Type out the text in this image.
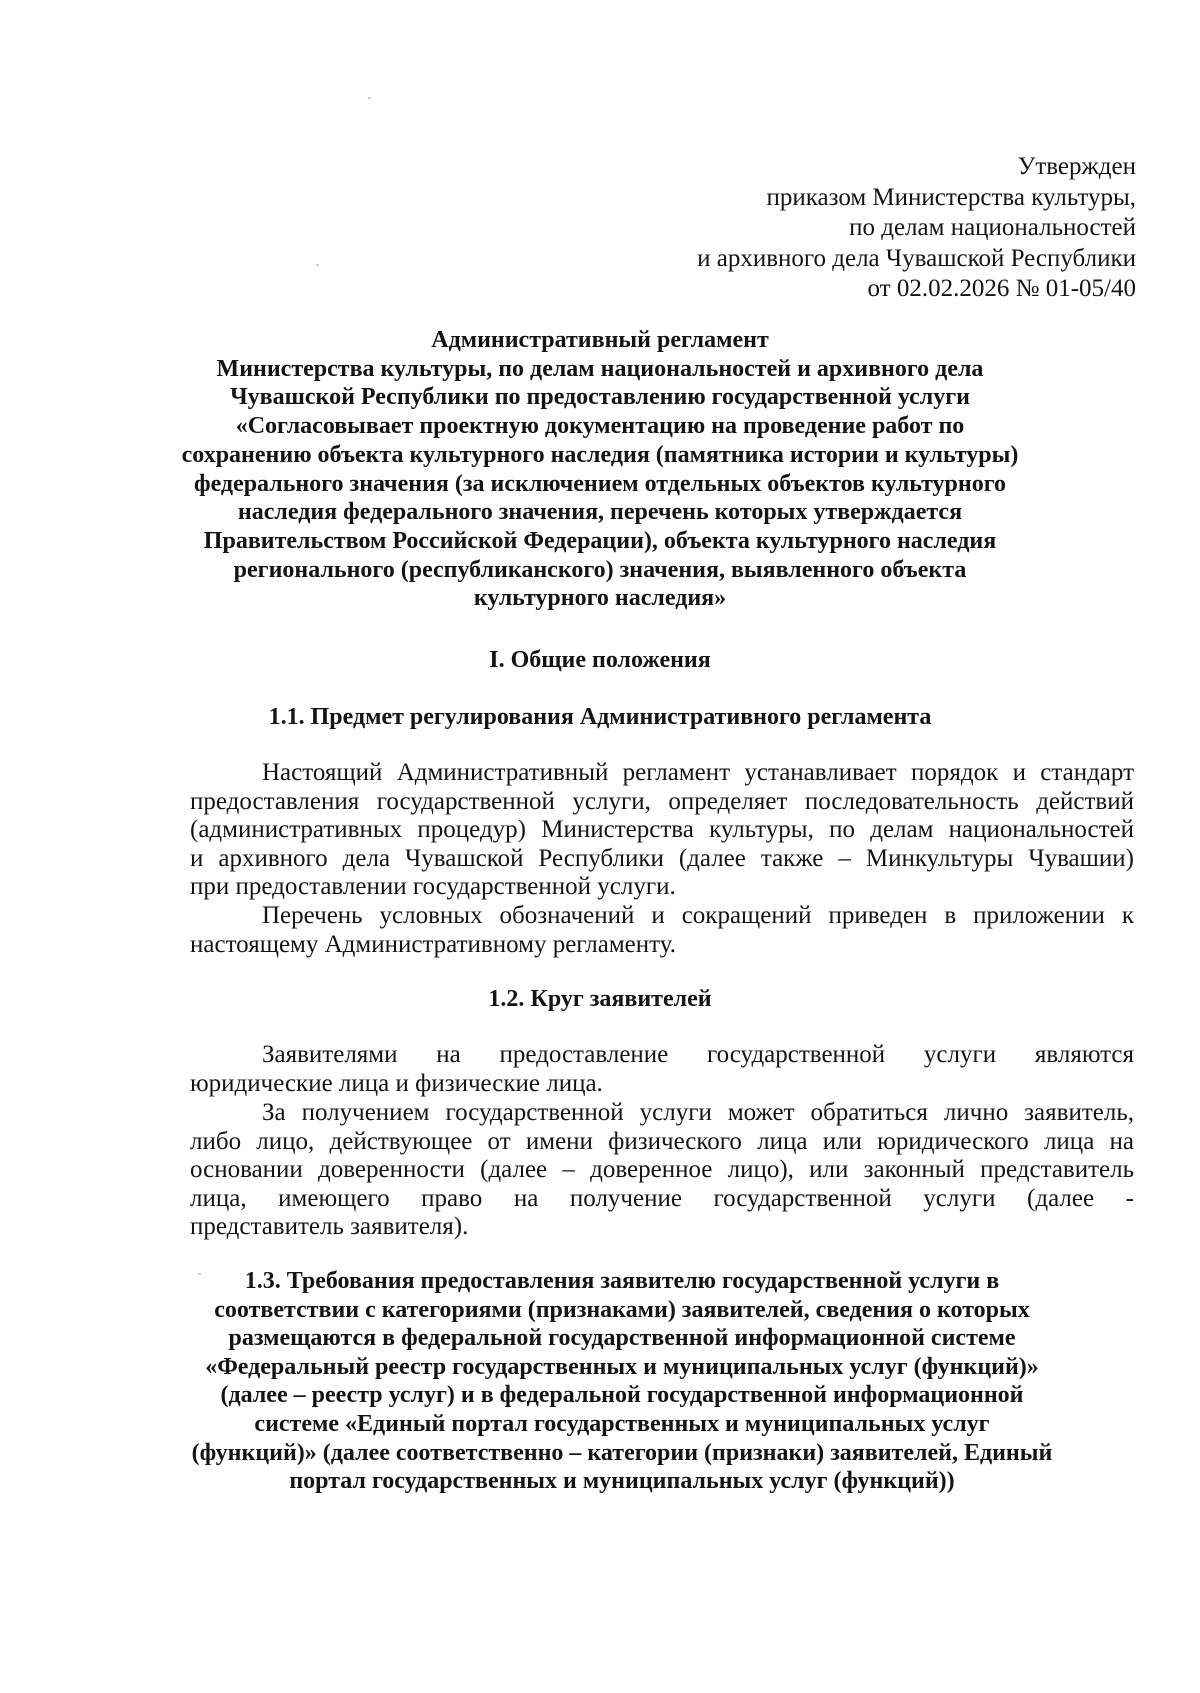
Утвержден
приказом Министерства культуры,
по делам национальностей
и архивного дела Чувашской Республики
от 02.02.2026 № 01-05/40
Административный регламент
Министерства культуры, по делам национальностей и архивного дела
Чувашской Республики по предоставлению государственной услуги
«Согласовывает проектную документацию на проведение работ по
сохранению объекта культурного наследия (памятника истории и культуры)
федерального значения (за исключением отдельных объектов культурного
наследия федерального значения, перечень которых утверждается
Правительством Российской Федерации), объекта культурного наследия
регионального (республиканского) значения, выявленного объекта
культурного наследия»
I. Общие положения
1.1. Предмет регулирования Административного регламента
Настоящий Административный регламент устанавливает порядок и стандарт
предоставления государственной услуги, определяет последовательность действий
(административных процедур) Министерства культуры, по делам национальностей
и архивного дела Чувашской Республики (далее также – Минкультуры Чувашии)
при предоставлении государственной услуги.
Перечень условных обозначений и сокращений приведен в приложении к
настоящему Административному регламенту.
1.2. Круг заявителей
Заявителями на предоставление государственной услуги являются
юридические лица и физические лица.
За получением государственной услуги может обратиться лично заявитель,
либо лицо, действующее от имени физического лица или юридического лица на
основании доверенности (далее – доверенное лицо), или законный представитель
лица, имеющего право на получение государственной услуги (далее -
представитель заявителя).
1.3. Требования предоставления заявителю государственной услуги в
соответствии с категориями (признаками) заявителей, сведения о которых
размещаются в федеральной государственной информационной системе
«Федеральный реестр государственных и муниципальных услуг (функций)»
(далее – реестр услуг) и в федеральной государственной информационной
системе «Единый портал государственных и муниципальных услуг
(функций)» (далее соответственно – категории (признаки) заявителей, Единый
портал государственных и муниципальных услуг (функций))
